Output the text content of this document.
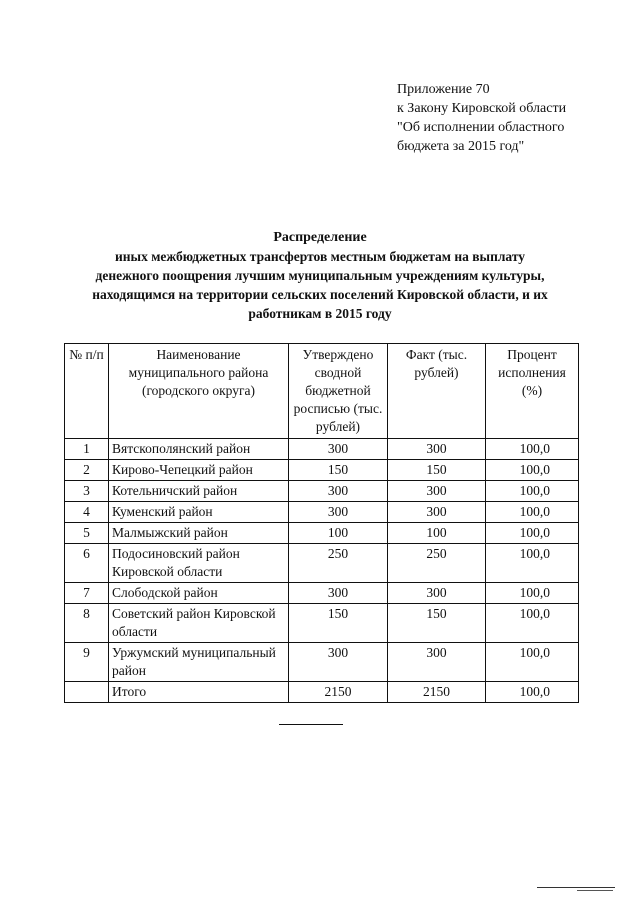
Приложение 70
к Закону Кировской области
"Об исполнении областного
бюджета за 2015 год"
Распределение
иных межбюджетных трансфертов местным бюджетам на выплату
денежного поощрения лучшим муниципальным учреждениям культуры,
находящимся на территории сельских поселений Кировской области, и их
работникам в 2015 году
№ п/п	Наименование муниципального района (городского округа)	Утверждено сводной бюджетной росписью (тыс. рублей)	Факт (тыс. рублей)	Процент исполнения (%)
1	Вятскополянский район	300	300	100,0
2	Кирово-Чепецкий район	150	150	100,0
3	Котельничский район	300	300	100,0
4	Куменский район	300	300	100,0
5	Малмыжский район	100	100	100,0
6	Подосиновский район Кировской области	250	250	100,0
7	Слободской район	300	300	100,0
8	Советский район Кировской области	150	150	100,0
9	Уржумский муниципальный район	300	300	100,0
	Итого	2150	2150	100,0
